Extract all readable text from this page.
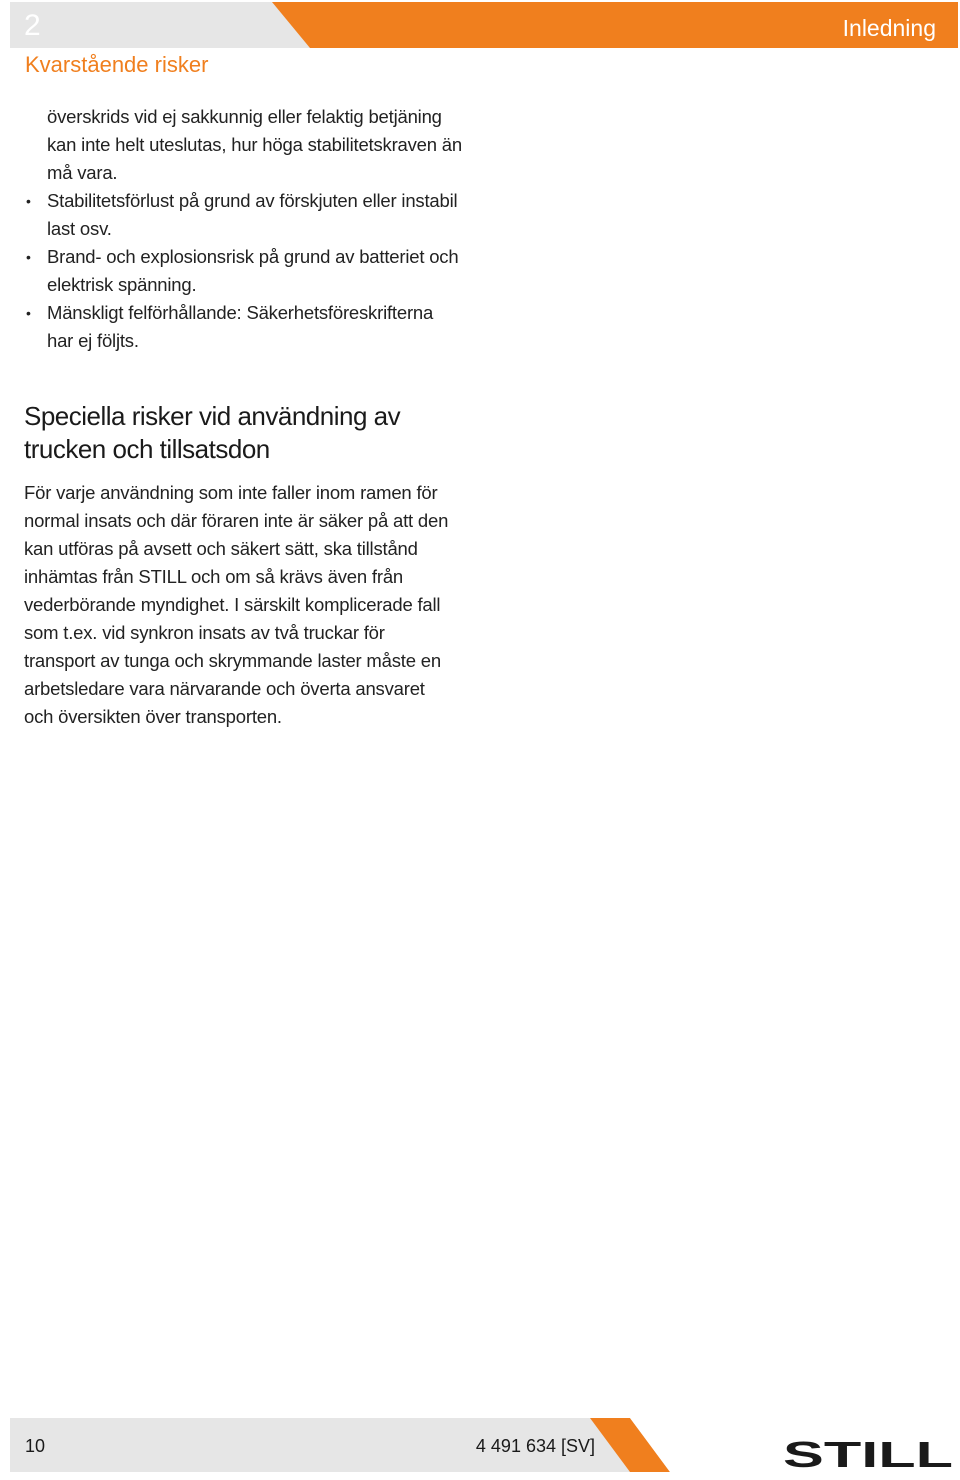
2	Inledning
Kvarstående risker
överskrids vid ej sakkunnig eller felaktig betjäning kan inte helt uteslutas, hur höga stabilitetskraven än må vara.
• Stabilitetsförlust på grund av förskjuten eller instabil last osv.
• Brand- och explosionsrisk på grund av batteriet och elektrisk spänning.
• Mänskligt felförhållande: Säkerhetsföreskrifterna har ej följts.
Speciella risker vid användning av trucken och tillsatsdon
För varje användning som inte faller inom ramen för normal insats och där föraren inte är säker på att den kan utföras på avsett och säkert sätt, ska tillstånd inhämtas från STILL och om så krävs även från vederbörande myndighet. I särskilt komplicerade fall som t.ex. vid synkron insats av två truckar för transport av tunga och skrymmande laster måste en arbetsledare vara närvarande och överta ansvaret och översikten över transporten.
10	4 491 634 [SV]	STILL
